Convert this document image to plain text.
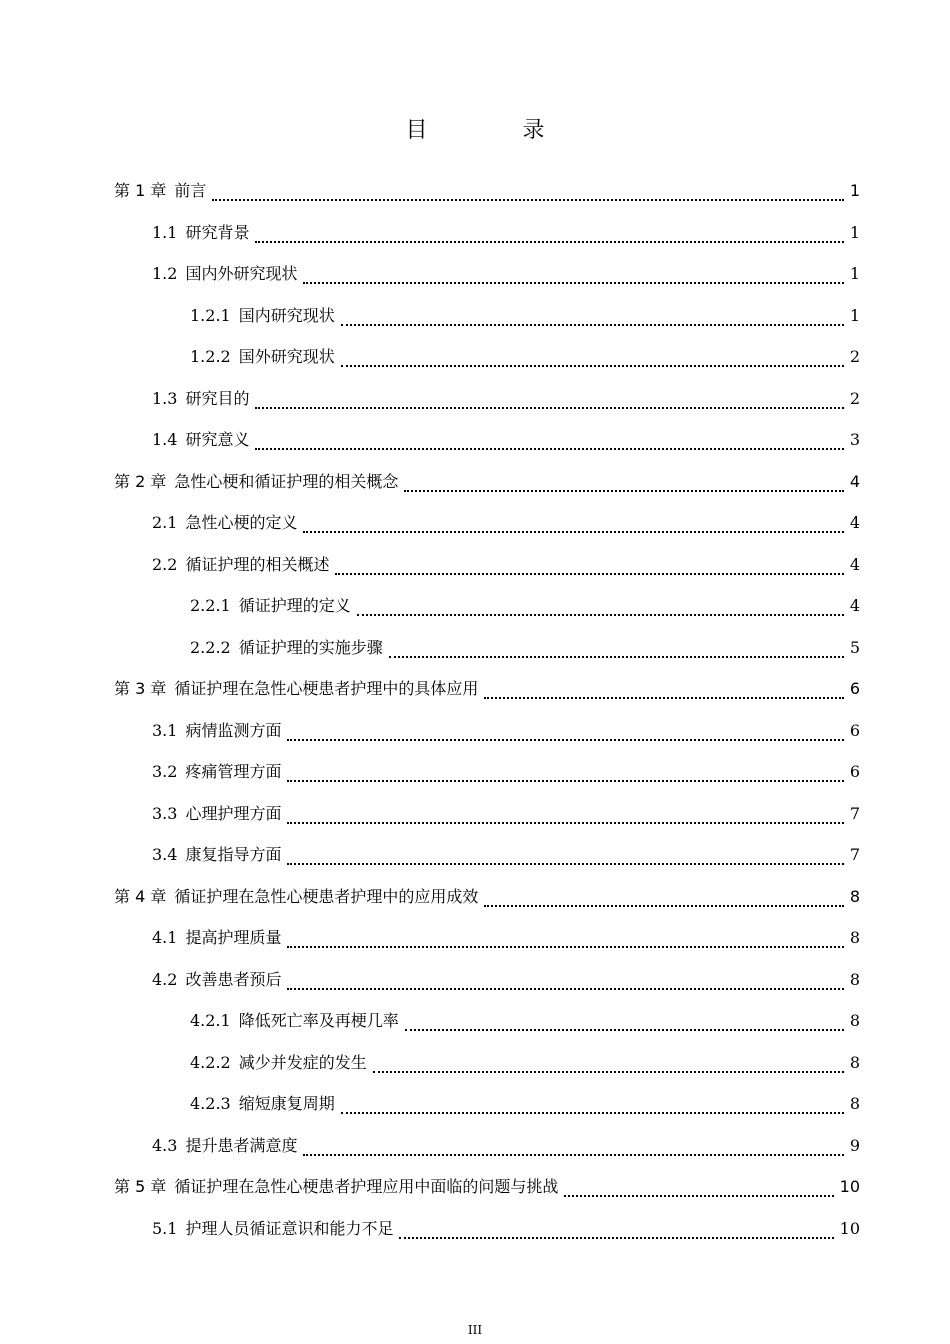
目 录
第 1 章 前言	1
1.1 研究背景	1
1.2 国内外研究现状	1
1.2.1 国内研究现状	1
1.2.2 国外研究现状	2
1.3 研究目的	2
1.4 研究意义	3
第 2 章 急性心梗和循证护理的相关概念	4
2.1 急性心梗的定义	4
2.2 循证护理的相关概述	4
2.2.1 循证护理的定义	4
2.2.2 循证护理的实施步骤	5
第 3 章 循证护理在急性心梗患者护理中的具体应用	6
3.1 病情监测方面	6
3.2 疼痛管理方面	6
3.3 心理护理方面	7
3.4 康复指导方面	7
第 4 章 循证护理在急性心梗患者护理中的应用成效	8
4.1 提高护理质量	8
4.2 改善患者预后	8
4.2.1 降低死亡率及再梗几率	8
4.2.2 减少并发症的发生	8
4.2.3 缩短康复周期	8
4.3 提升患者满意度	9
第 5 章 循证护理在急性心梗患者护理应用中面临的问题与挑战	10
5.1 护理人员循证意识和能力不足	10
III
